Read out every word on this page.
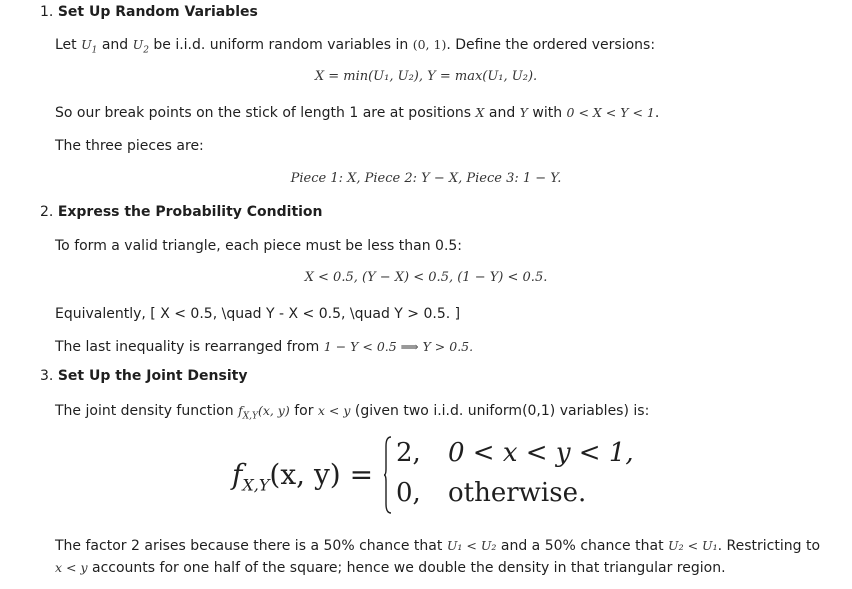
1. Set Up Random Variables
Let $U_1$ and $U_2$ be i.i.d. uniform random variables in (0, 1). Define the ordered versions:
X = min(U₁, U₂), Y = max(U₁, U₂).
So our break points on the stick of length 1 are at positions X and Y with 0 < X < Y < 1.
The three pieces are:
Piece 1: X, Piece 2: Y − X, Piece 3: 1 − Y.
2. Express the Probability Condition
To form a valid triangle, each piece must be less than 0.5:
X < 0.5, (Y − X) < 0.5, (1 − Y) < 0.5.
Equivalently, [ X < 0.5, \quad Y - X < 0.5, \quad Y > 0.5. ]
The last inequality is rearranged from 1 − Y < 0.5 ⟹ Y > 0.5.
3. Set Up the Joint Density
The joint density function $f_{X,Y}(x$, y) for x < y (given two i.i.d. uniform(0,1) variables) is:
$f_{X,Y}(x$, y) =
2, 0 < x < y < 1,
0, otherwise.
The factor 2 arises because there is a 50% chance that U₁ < U₂ and a 50% chance that U₂ < U₁. Restricting to x < y accounts for one half of the square; hence we double the density in that triangular region.
